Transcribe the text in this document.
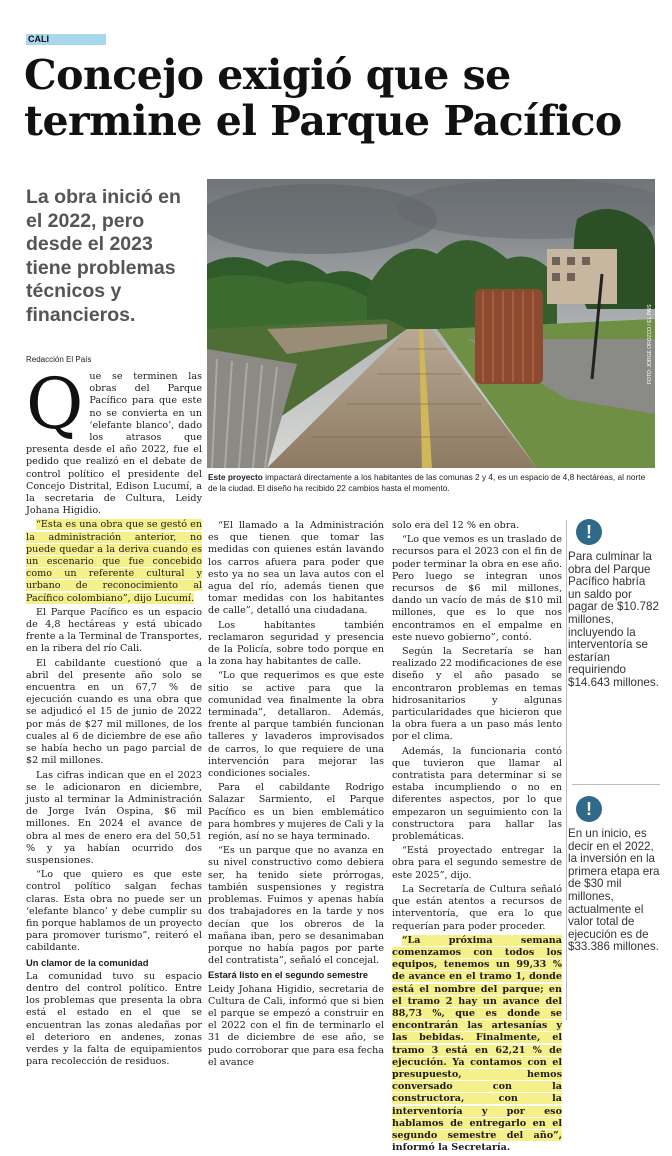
CALI
Concejo exigió que se termine el Parque Pacífico
La obra inició en el 2022, pero desde el 2023 tiene problemas técnicos y financieros.
Redacción El País	FOTO: JORGE OROZCO / EL PAÍS
Este proyecto impactará directamente a los habitantes de las comunas 2 y 4, es un espacio de 4,8 hectáreas, al norte de la ciudad. El diseño ha recibido 22 cambios hasta el momento.
Q ue se terminen las obras del Parque Pacífico para que este no se convierta en un ‘elefante blanco’, dado los atrasos que presenta desde el año 2022, fue el pedido que realizó en el debate de control político el presidente del Concejo Distrital, Edison Lucumí, a la secretaria de Cultura, Leidy Johana Higidio.

“Esta es una obra que se gestó en la administración anterior, no puede quedar a la deriva cuando es un escenario que fue concebido como un referente cultural y urbano de reconocimiento al Pacífico colombiano”, dijo Lucumí.

El Parque Pacífico es un espacio de 4,8 hectáreas y está ubicado frente a la Terminal de Transportes, en la ribera del río Cali.

El cabildante cuestionó que a abril del presente año solo se encuentra en un 67,7 % de ejecución cuando es una obra que se adjudicó el 15 de junio de 2022 por más de $27 mil millones, de los cuales al 6 de diciembre de ese año se había hecho un pago parcial de $2 mil millones.

Las cifras indican que en el 2023 se le adicionaron en diciembre, justo al terminar la Administración de Jorge Iván Ospina, $6 mil millones. En 2024 el avance de obra al mes de enero era del 50,51 % y ya habían ocurrido dos suspensiones.

“Lo que quiero es que este control político salgan fechas claras. Esta obra no puede ser un ‘elefante blanco’ y debe cumplir su fin porque hablamos de un proyecto para promover turismo”, reiteró el cabildante.

Un clamor de la comunidad

La comunidad tuvo su espacio dentro del control político. Entre los problemas que presenta la obra está el estado en el que se encuentran las zonas aledañas por el deterioro en andenes, zonas verdes y la falta de equipamientos para recolección de residuos.

“El llamado a la Administración es que tienen que tomar las medidas con quienes están lavando los carros afuera para poder que esto ya no sea un lava autos con el agua del río, además tienen que tomar medidas con los habitantes de calle”, detalló una ciudadana.

Los habitantes también reclamaron seguridad y presencia de la Policía, sobre todo porque en la zona hay habitantes de calle.

“Lo que requerimos es que este sitio se active para que la comunidad vea finalmente la obra terminada”, detallaron. Además, frente al parque también funcionan talleres y lavaderos improvisados de carros, lo que requiere de una intervención para mejorar las condiciones sociales.

Para el cabildante Rodrigo Salazar Sarmiento, el Parque Pacífico es un bien emblemático para hombres y mujeres de Cali y la región, así no se haya terminado.

“Es un parque que no avanza en su nivel constructivo como debiera ser, ha tenido siete prórrogas, también suspensiones y registra problemas. Fuimos y apenas había dos trabajadores en la tarde y nos decían que los obreros de la mañana iban, pero se desanimaban porque no había pagos por parte del contratista”, señaló el concejal.

Estará listo en el segundo semestre

Leidy Johana Higidio, secretaria de Cultura de Cali, informó que si bien el parque se empezó a construir en el 2022 con el fin de terminarlo el 31 de diciembre de ese año, se pudo corroborar que para esa fecha el avance

solo era del 12 % en obra.

“Lo que vemos es un traslado de recursos para el 2023 con el fin de poder terminar la obra en ese año. Pero luego se integran unos recursos de $6 mil millones, dando un vacío de más de $10 mil millones, que es lo que nos encontramos en el empalme en este nuevo gobierno”, contó.

Según la Secretaría se han realizado 22 modificaciones de ese diseño y el año pasado se encontraron problemas en temas hidrosanitarios y algunas particularidades que hicieron que la obra fuera a un paso más lento por el clima.

Además, la funcionaria contó que tuvieron que llamar al contratista para determinar si se estaba incumpliendo o no en diferentes aspectos, por lo que empezaron un seguimiento con la constructora para hallar las problemáticas.

“Está proyectado entregar la obra para el segundo semestre de este 2025”, dijo.

La Secretaría de Cultura señaló que están atentos a recursos de interventoría, que era lo que requerían para poder proceder.

“La próxima semana comenzamos con todos los equipos, tenemos un 99,33 % de avance en el tramo 1, donde está el nombre del parque; en el tramo 2 hay un avance del 88,73 %, que es donde se encontrarán las artesanías y las bebidas. Finalmente, el tramo 3 está en 62,21 % de ejecución. Ya contamos con el presupuesto, hemos conversado con la constructora, con la interventoría y por eso hablamos de entregarlo en el segundo semestre del año”, informó la Secretaría.

!
Para culminar la obra del Parque Pacífico habría un saldo por pagar de $10.782 millones, incluyendo la interventoría se estarían requiriendo $14.643 millones.
!
En un inicio, es decir en el 2022, la inversión en la primera etapa era de $30 mil millones, actualmente el valor total de ejecución es de $33.386 millones.
